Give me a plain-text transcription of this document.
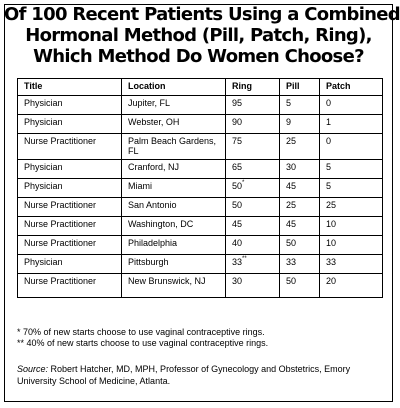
Of 100 Recent Patients Using a Combined
Hormonal Method (Pill, Patch, Ring),
Which Method Do Women Choose?
Title	Location	Ring	Pill	Patch
Physician	Jupiter, FL	95	5	0
Physician	Webster, OH	90	9	1
Nurse Practitioner	Palm Beach Gardens, FL	75	25	0
Physician	Cranford, NJ	65	30	5
Physician	Miami	50*	45	5
Nurse Practitioner	San Antonio	50	25	25
Nurse Practitioner	Washington, DC	45	45	10
Nurse Practitioner	Philadelphia	40	50	10
Physician	Pittsburgh	33**	33	33
Nurse Practitioner	New Brunswick, NJ	30	50	20
* 70% of new starts choose to use vaginal contraceptive rings.
** 40% of new starts choose to use vaginal contraceptive rings.
Source: Robert Hatcher, MD, MPH, Professor of Gynecology and Obstetrics, Emory University School of Medicine, Atlanta.
